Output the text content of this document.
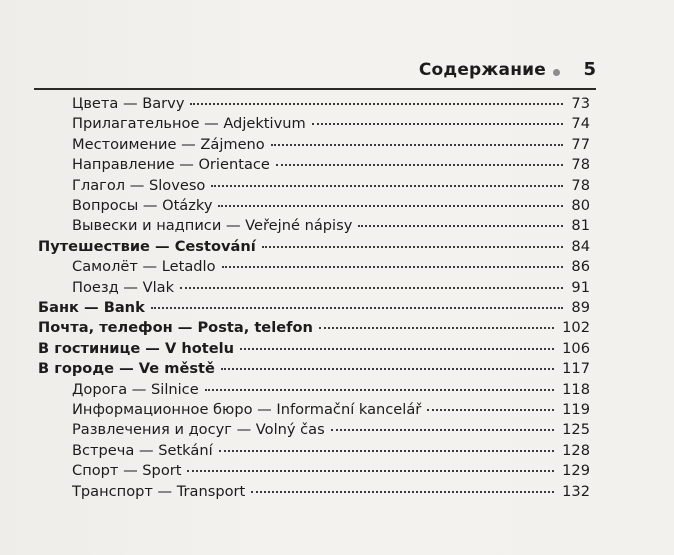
Содержание 5
Цвета — Barvy	73
Прилагательное — Adjektivum	74
Местоимение — Zájmeno	77
Направление — Orientace	78
Глагол — Sloveso	78
Вопросы — Otázky	80
Вывески и надписи — Veřejné nápisy	81
Путешествие — Cestování	84
Самолёт — Letadlo	86
Поезд — Vlak	91
Банк — Bank	89
Почта, телефон — Posta, telefon	102
В гостинице — V hotelu	106
В городе — Ve městě	117
Дорога — Silnice	118
Информационное бюро — Informační kancelář	119
Развлечения и досуг — Volný čas	125
Встреча — Setkání	128
Спорт — Sport	129
Транспорт — Transport	132
